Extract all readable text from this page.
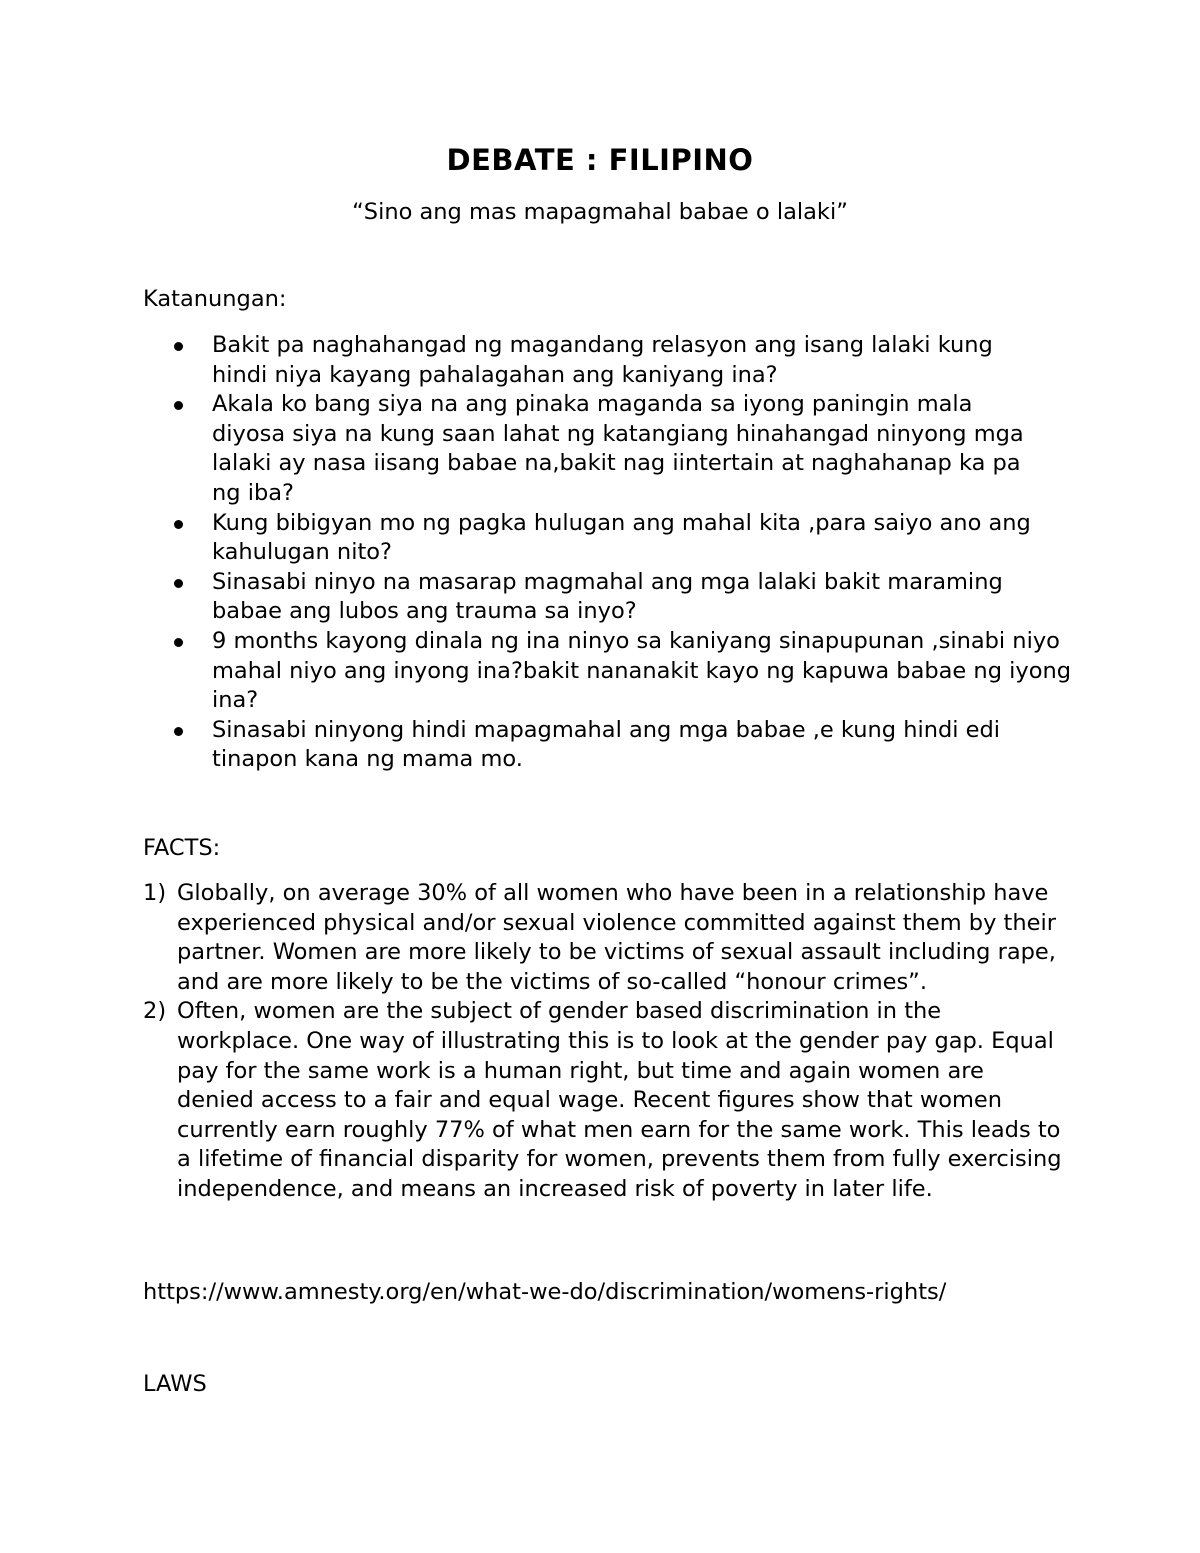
DEBATE : FILIPINO
“Sino ang mas mapagmahal babae o lalaki”
Katanungan:
Bakit pa naghahangad ng magandang relasyon ang isang lalaki kung hindi niya kayang pahalagahan ang kaniyang ina?
Akala ko bang siya na ang pinaka maganda sa iyong paningin mala diyosa siya na kung saan lahat ng katangiang hinahangad ninyong mga lalaki ay nasa iisang babae na,bakit nag iintertain at naghahanap ka pa ng iba?
Kung bibigyan mo ng pagka hulugan ang mahal kita ,para saiyo ano ang kahulugan nito?
Sinasabi ninyo na masarap magmahal ang mga lalaki bakit maraming babae ang lubos ang trauma sa inyo?
9 months kayong dinala ng ina ninyo sa kaniyang sinapupunan ,sinabi niyo mahal niyo ang inyong ina?bakit nananakit kayo ng kapuwa babae ng iyong ina?
Sinasabi ninyong hindi mapagmahal ang mga babae ,e kung hindi edi tinapon kana ng mama mo.
FACTS:
1) Globally, on average 30% of all women who have been in a relationship have experienced physical and/or sexual violence committed against them by their partner. Women are more likely to be victims of sexual assault including rape, and are more likely to be the victims of so-called “honour crimes”.
2) Often, women are the subject of gender based discrimination in the workplace. One way of illustrating this is to look at the gender pay gap. Equal pay for the same work is a human right, but time and again women are denied access to a fair and equal wage. Recent figures show that women currently earn roughly 77% of what men earn for the same work. This leads to a lifetime of financial disparity for women, prevents them from fully exercising independence, and means an increased risk of poverty in later life.
https://www.amnesty.org/en/what-we-do/discrimination/womens-rights/
LAWS
